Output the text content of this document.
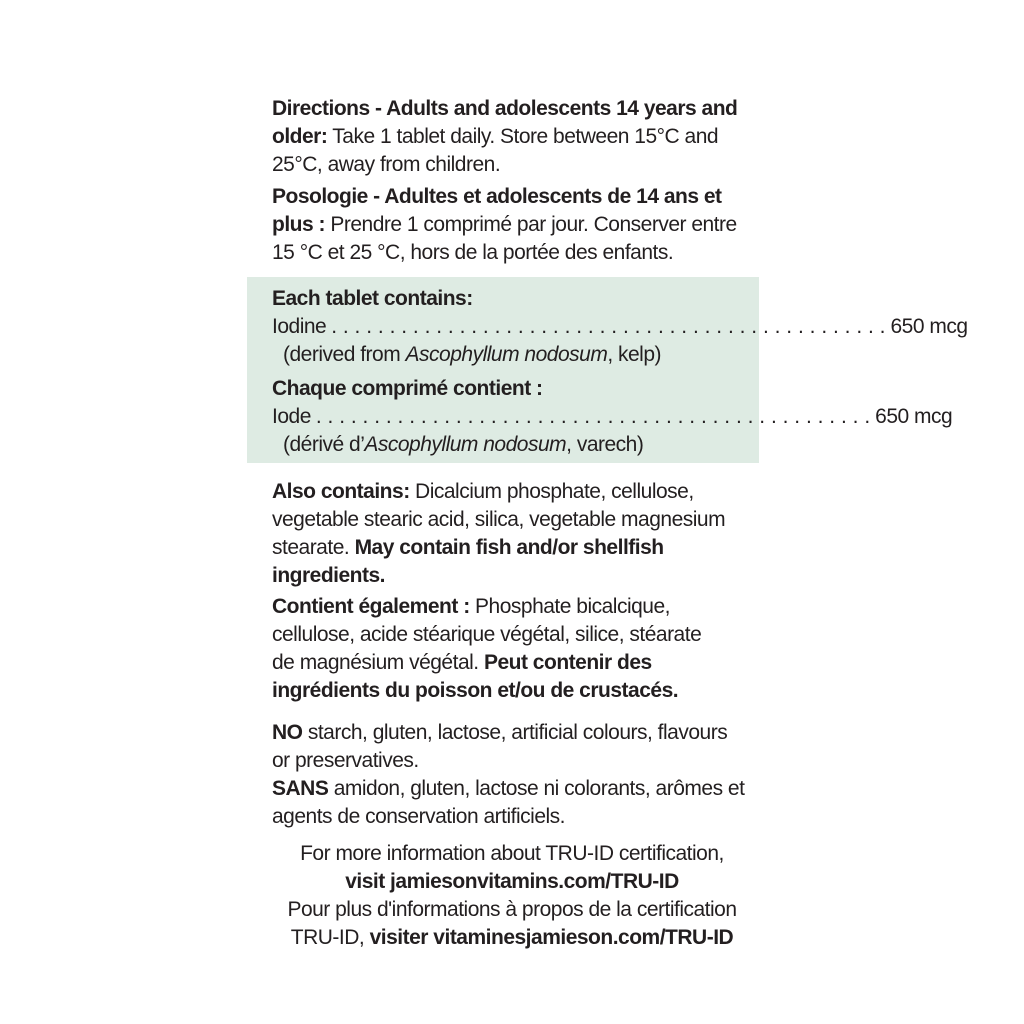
Directions - Adults and adolescents 14 years and
older: Take 1 tablet daily. Store between 15°C and
25°C, away from children.
Posologie - Adultes et adolescents de 14 ans et
plus : Prendre 1 comprimé par jour. Conserver entre
15 °C et 25 °C, hors de la portée des enfants.
Each tablet contains:
Iodine . . . . . . . . . . . . . . . . . . . . . . . . . . . . . . . . . . . . . . . . . . . . . . . . 650 mcg
(derived from Ascophyllum nodosum, kelp)
Chaque comprimé contient :
Iode . . . . . . . . . . . . . . . . . . . . . . . . . . . . . . . . . . . . . . . . . . . . . . . . 650 mcg
(dérivé d’Ascophyllum nodosum, varech)
Also contains: Dicalcium phosphate, cellulose,
vegetable stearic acid, silica, vegetable magnesium
stearate. May contain fish and/or shellfish
ingredients.
Contient également : Phosphate bicalcique,
cellulose, acide stéarique végétal, silice, stéarate
de magnésium végétal. Peut contenir des
ingrédients du poisson et/ou de crustacés.
NO starch, gluten, lactose, artificial colours, flavours
or preservatives.
SANS amidon, gluten, lactose ni colorants, arômes et
agents de conservation artificiels.
For more information about TRU-ID certification,
visit jamiesonvitamins.com/TRU-ID
Pour plus d'informations à propos de la certification
TRU-ID, visiter vitaminesjamieson.com/TRU-ID
